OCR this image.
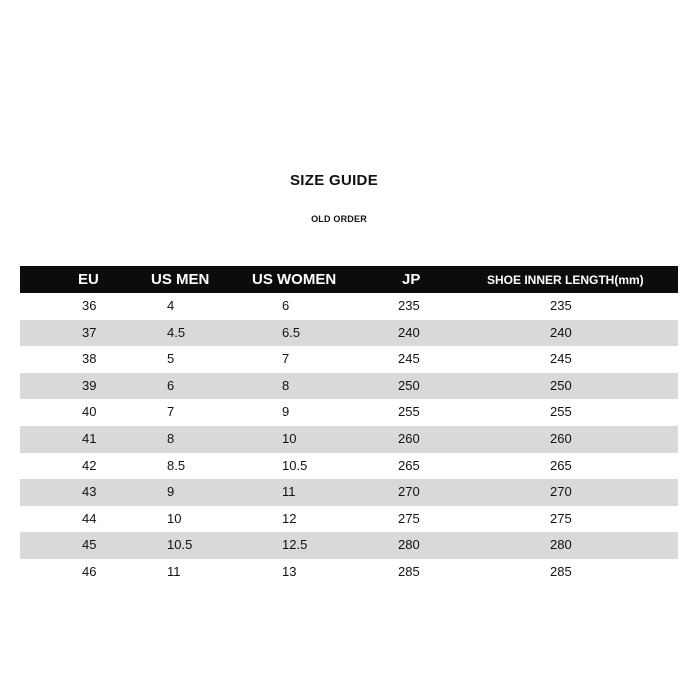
SIZE GUIDE
OLD ORDER
EU	US MEN	US WOMEN	JP	SHOE INNER LENGTH(mm)
36	4	6	235	235
37	4.5	6.5	240	240
38	5	7	245	245
39	6	8	250	250
40	7	9	255	255
41	8	10	260	260
42	8.5	10.5	265	265
43	9	11	270	270
44	10	12	275	275
45	10.5	12.5	280	280
46	11	13	285	285
